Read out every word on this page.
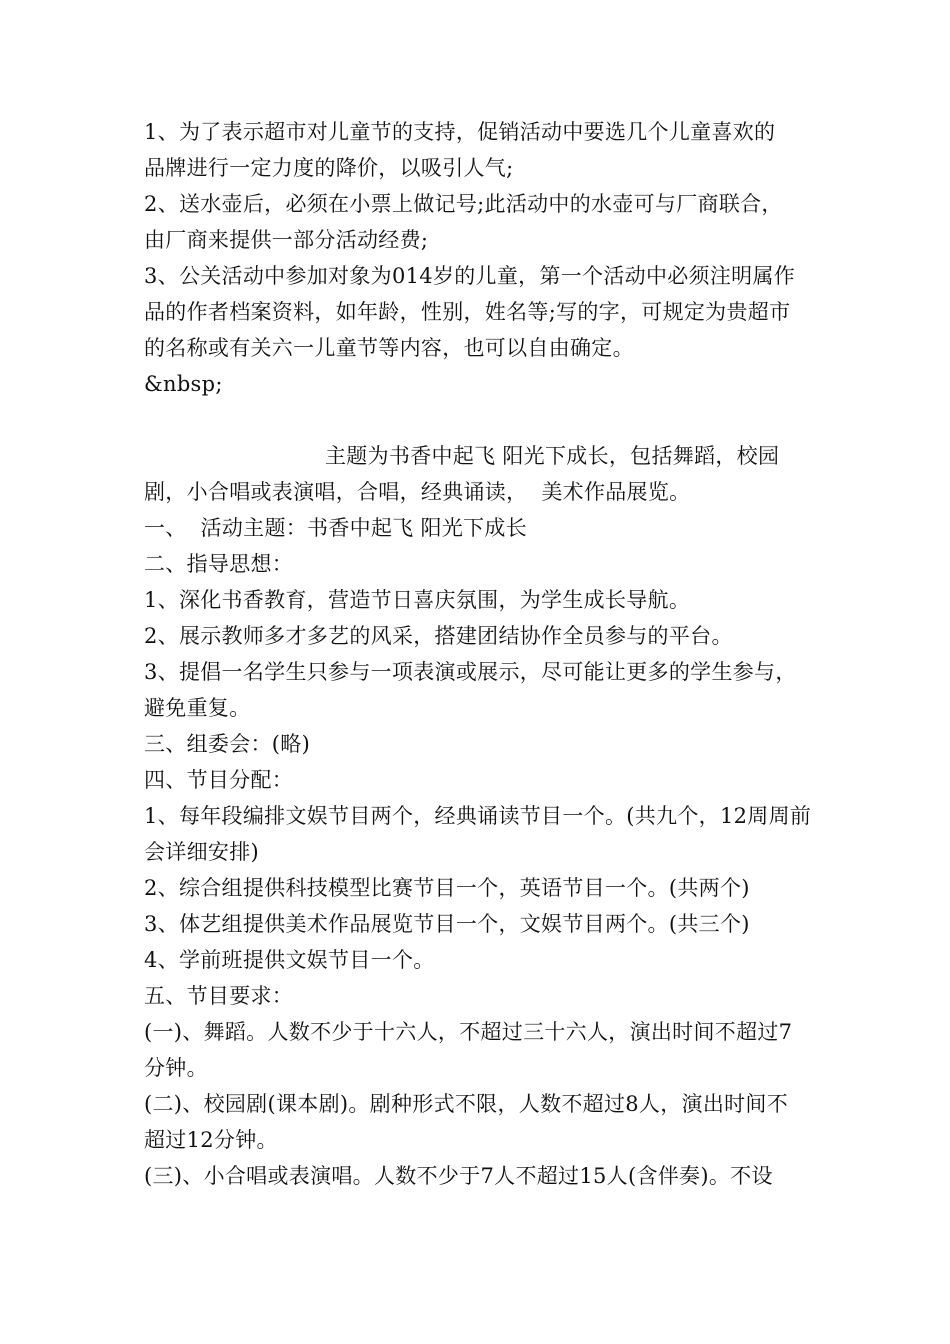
1、为了表示超市对儿童节的支持，促销活动中要选几个儿童喜欢的
品牌进行一定力度的降价，以吸引人气;
2、送水壶后，必须在小票上做记号;此活动中的水壶可与厂商联合，
由厂商来提供一部分活动经费;
3、公关活动中参加对象为014岁的儿童，第一个活动中必须注明属作
品的作者档案资料，如年龄，性别，姓名等;写的字，可规定为贵超市
的名称或有关六一儿童节等内容，也可以自由确定。
&nbsp;
主题为书香中起飞 阳光下成长，包括舞蹈，校园
剧，小合唱或表演唱，合唱，经典诵读，  美术作品展览。
一、  活动主题：书香中起飞 阳光下成长
二、指导思想：
1、深化书香教育，营造节日喜庆氛围，为学生成长导航。
2、展示教师多才多艺的风采，搭建团结协作全员参与的平台。
3、提倡一名学生只参与一项表演或展示，尽可能让更多的学生参与，
避免重复。
三、组委会：(略)
四、节目分配：
1、每年段编排文娱节目两个，经典诵读节目一个。(共九个，12周周前
会详细安排)
2、综合组提供科技模型比赛节目一个，英语节目一个。(共两个)
3、体艺组提供美术作品展览节目一个，文娱节目两个。(共三个)
4、学前班提供文娱节目一个。
五、节目要求：
(一)、舞蹈。人数不少于十六人，不超过三十六人，演出时间不超过7
分钟。
(二)、校园剧(课本剧)。剧种形式不限，人数不超过8人，演出时间不
超过12分钟。
(三)、小合唱或表演唱。人数不少于7人不超过15人(含伴奏)。不设
